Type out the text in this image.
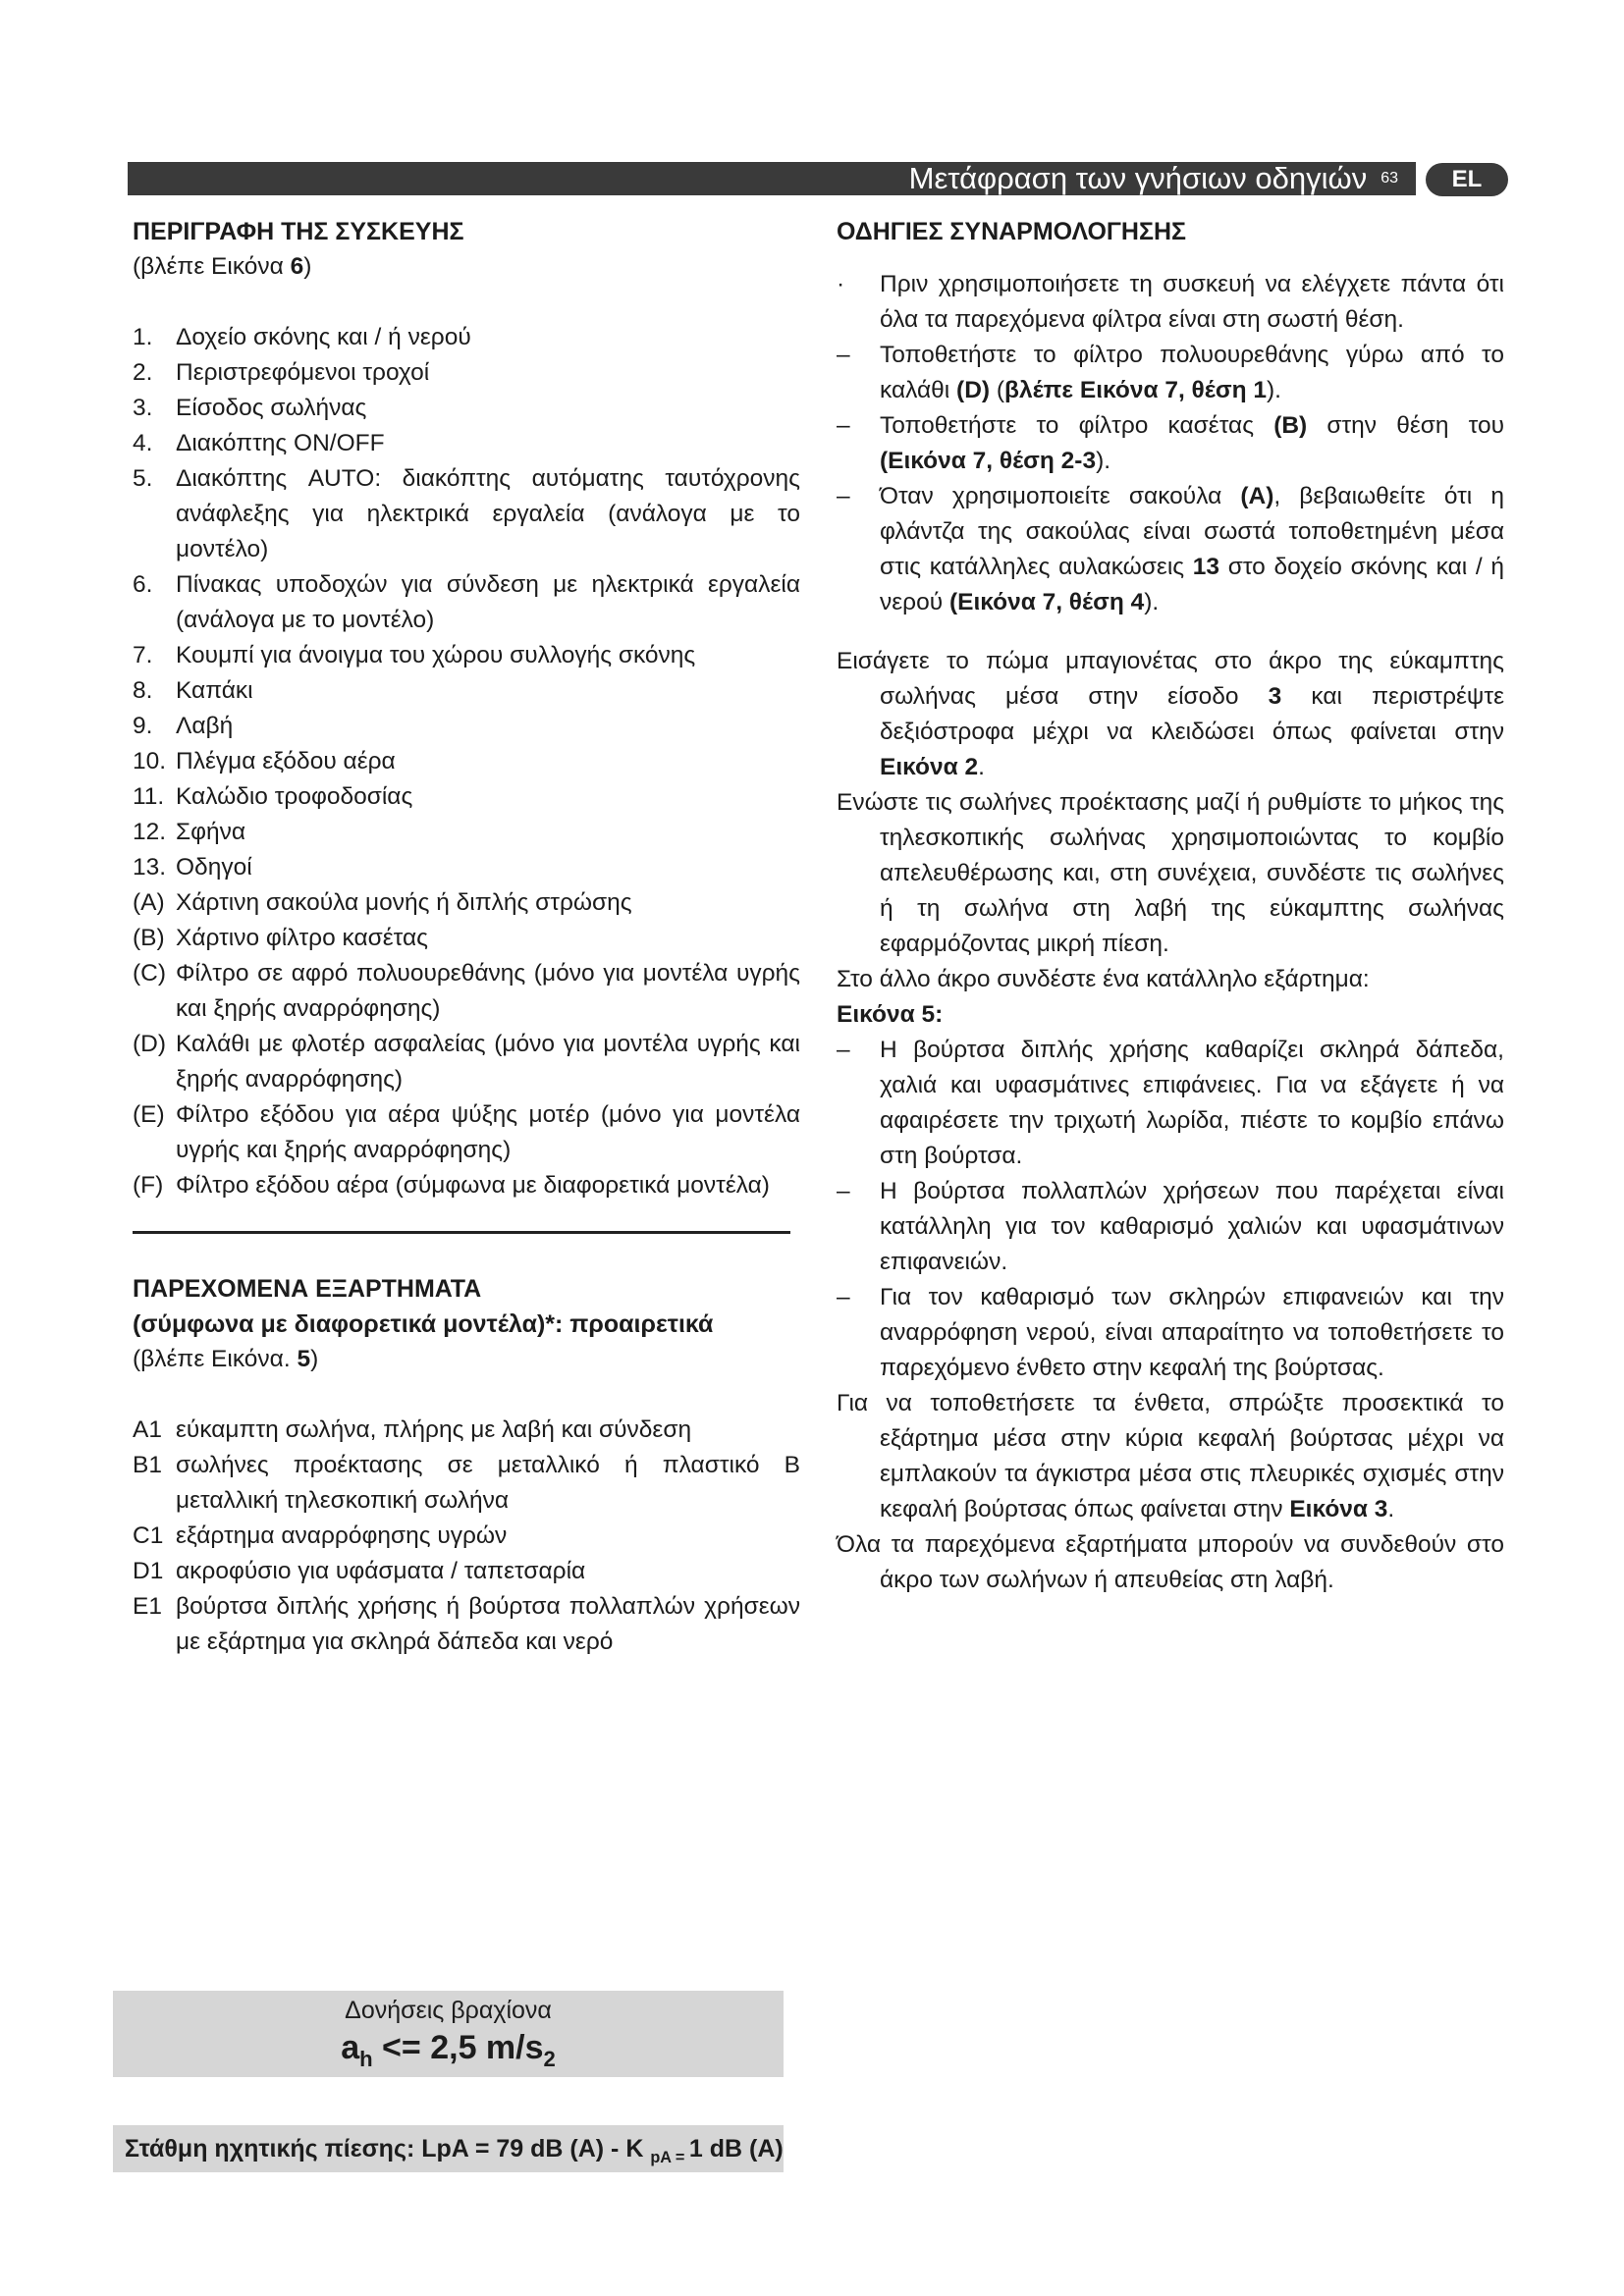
Μετάφραση των γνήσιων οδηγιών 63	EL
ΠΕΡΙΓΡΑΦΗ ΤΗΣ ΣΥΣΚΕΥΗΣ
(βλέπε Εικόνα 6)
1. Δοχείο σκόνης και / ή νερού
2. Περιστρεφόμενοι τροχοί
3. Είσοδος σωλήνας
4. Διακόπτης ON/OFF
5. Διακόπτης AUTO: διακόπτης αυτόματης ταυτόχρονης ανάφλεξης για ηλεκτρικά εργαλεία (ανάλογα με το μοντέλο)
6. Πίνακας υποδοχών για σύνδεση με ηλεκτρικά εργαλεία (ανάλογα με το μοντέλο)
7. Κουμπί για άνοιγμα του χώρου συλλογής σκόνης
8. Καπάκι
9. Λαβή
10. Πλέγμα εξόδου αέρα
11. Καλώδιο τροφοδοσίας
12. Σφήνα
13. Οδηγοί
(A) Χάρτινη σακούλα μονής ή διπλής στρώσης
(B) Χάρτινο φίλτρο κασέτας
(C) Φίλτρο σε αφρό πολυουρεθάνης (μόνο για μοντέλα υγρής και ξηρής αναρρόφησης)
(D) Καλάθι με φλοτέρ ασφαλείας (μόνο για μοντέλα υγρής και ξηρής αναρρόφησης)
(E) Φίλτρο εξόδου για αέρα ψύξης μοτέρ (μόνο για μοντέλα υγρής και ξηρής αναρρόφησης)
(F) Φίλτρο εξόδου αέρα (σύμφωνα με διαφορετικά μοντέλα)
ΠΑΡΕΧΟΜΕΝΑ ΕΞΑΡΤΗΜΑΤΑ
(σύμφωνα με διαφορετικά μοντέλα)*: προαιρετικά
(βλέπε Εικόνα. 5)
A1 εύκαμπτη σωλήνα, πλήρης με λαβή και σύνδεση
B1 σωλήνες προέκτασης σε μεταλλικό ή πλαστικό B μεταλλική τηλεσκοπική σωλήνα
C1 εξάρτημα αναρρόφησης υγρών
D1 ακροφύσιο για υφάσματα / ταπετσαρία
E1 βούρτσα διπλής χρήσης ή βούρτσα πολλαπλών χρήσεων με εξάρτημα για σκληρά δάπεδα και νερό
ΟΔΗΓΙΕΣ ΣΥΝΑΡΜΟΛΟΓΗΣΗΣ
· Πριν χρησιμοποιήσετε τη συσκευή να ελέγχετε πάντα ότι όλα τα παρεχόμενα φίλτρα είναι στη σωστή θέση.
– Τοποθετήστε το φίλτρο πολυουρεθάνης γύρω από το καλάθι (D) (βλέπε Εικόνα 7, θέση 1).
– Τοποθετήστε το φίλτρο κασέτας (B) στην θέση του (Εικόνα 7, θέση 2-3).
– Όταν χρησιμοποιείτε σακούλα (A), βεβαιωθείτε ότι η φλάντζα της σακούλας είναι σωστά τοποθετημένη μέσα στις κατάλληλες αυλακώσεις 13 στο δοχείο σκόνης και / ή νερού (Εικόνα 7, θέση 4).
Εισάγετε το πώμα μπαγιονέτας στο άκρο της εύκαμπτης σωλήνας μέσα στην είσοδο 3 και περιστρέψτε δεξιόστροφα μέχρι να κλειδώσει όπως φαίνεται στην Εικόνα 2.
Ενώστε τις σωλήνες προέκτασης μαζί ή ρυθμίστε το μήκος της τηλεσκοπικής σωλήνας χρησιμοποιώντας το κομβίο απελευθέρωσης και, στη συνέχεια, συνδέστε τις σωλήνες ή τη σωλήνα στη λαβή της εύκαμπτης σωλήνας εφαρμόζοντας μικρή πίεση.
Στο άλλο άκρο συνδέστε ένα κατάλληλο εξάρτημα:
Εικόνα 5:
– Η βούρτσα διπλής χρήσης καθαρίζει σκληρά δάπεδα, χαλιά και υφασμάτινες επιφάνειες. Για να εξάγετε ή να αφαιρέσετε την τριχωτή λωρίδα, πιέστε το κομβίο επάνω στη βούρτσα.
– Η βούρτσα πολλαπλών χρήσεων που παρέχεται είναι κατάλληλη για τον καθαρισμό χαλιών και υφασμάτινων επιφανειών.
– Για τον καθαρισμό των σκληρών επιφανειών και την αναρρόφηση νερού, είναι απαραίτητο να τοποθετήσετε το παρεχόμενο ένθετο στην κεφαλή της βούρτσας.
Για να τοποθετήσετε τα ένθετα, σπρώξτε προσεκτικά το εξάρτημα μέσα στην κύρια κεφαλή βούρτσας μέχρι να εμπλακούν τα άγκιστρα μέσα στις πλευρικές σχισμές στην κεφαλή βούρτσας όπως φαίνεται στην Εικόνα 3.
Όλα τα παρεχόμενα εξαρτήματα μπορούν να συνδεθούν στο άκρο των σωλήνων ή απευθείας στη λαβή.
Δονήσεις βραχίονα
$a_h <= 2,5$ $m/s_2$
Στάθμη ηχητικής πίεσης: LpA = 79 dB (A) - K $_{pA =}$ 1 dB (A)
